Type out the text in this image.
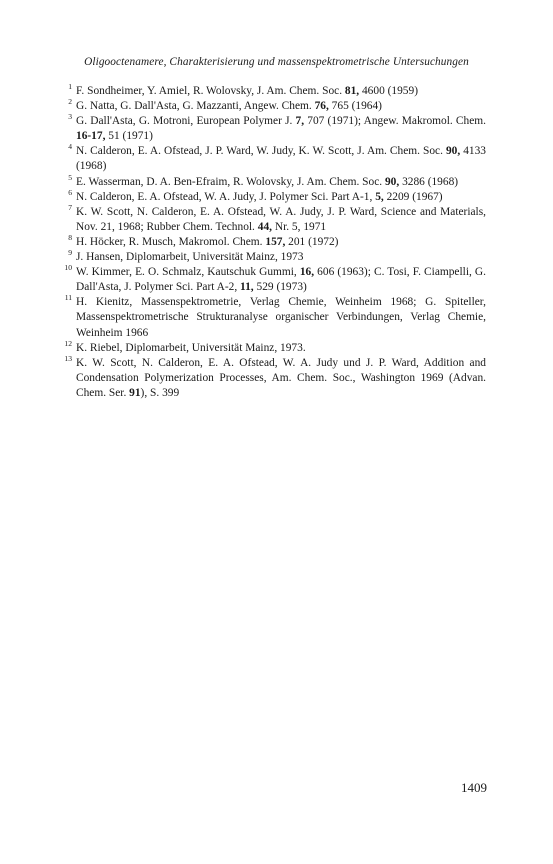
Oligooctenamere, Charakterisierung und massenspektrometrische Untersuchungen
1 F. Sondheimer, Y. Amiel, R. Wolovsky, J. Am. Chem. Soc. 81, 4600 (1959)
2 G. Natta, G. Dall'Asta, G. Mazzanti, Angew. Chem. 76, 765 (1964)
3 G. Dall'Asta, G. Motroni, European Polymer J. 7, 707 (1971); Angew. Makromol. Chem. 16-17, 51 (1971)
4 N. Calderon, E. A. Ofstead, J. P. Ward, W. Judy, K. W. Scott, J. Am. Chem. Soc. 90, 4133 (1968)
5 E. Wasserman, D. A. Ben-Efraim, R. Wolovsky, J. Am. Chem. Soc. 90, 3286 (1968)
6 N. Calderon, E. A. Ofstead, W. A. Judy, J. Polymer Sci. Part A-1, 5, 2209 (1967)
7 K. W. Scott, N. Calderon, E. A. Ofstead, W. A. Judy, J. P. Ward, Science and Materials, Nov. 21, 1968; Rubber Chem. Technol. 44, Nr. 5, 1971
8 H. Höcker, R. Musch, Makromol. Chem. 157, 201 (1972)
9 J. Hansen, Diplomarbeit, Universität Mainz, 1973
10 W. Kimmer, E. O. Schmalz, Kautschuk Gummi, 16, 606 (1963); C. Tosi, F. Ciampelli, G. Dall'Asta, J. Polymer Sci. Part A-2, 11, 529 (1973)
11 H. Kienitz, Massenspektrometrie, Verlag Chemie, Weinheim 1968; G. Spiteller, Massenspektrometrische Strukturanalyse organischer Verbindungen, Verlag Chemie, Weinheim 1966
12 K. Riebel, Diplomarbeit, Universität Mainz, 1973.
13 K. W. Scott, N. Calderon, E. A. Ofstead, W. A. Judy und J. P. Ward, Addition and Condensation Polymerization Processes, Am. Chem. Soc., Washington 1969 (Advan. Chem. Ser. 91), S. 399
1409
